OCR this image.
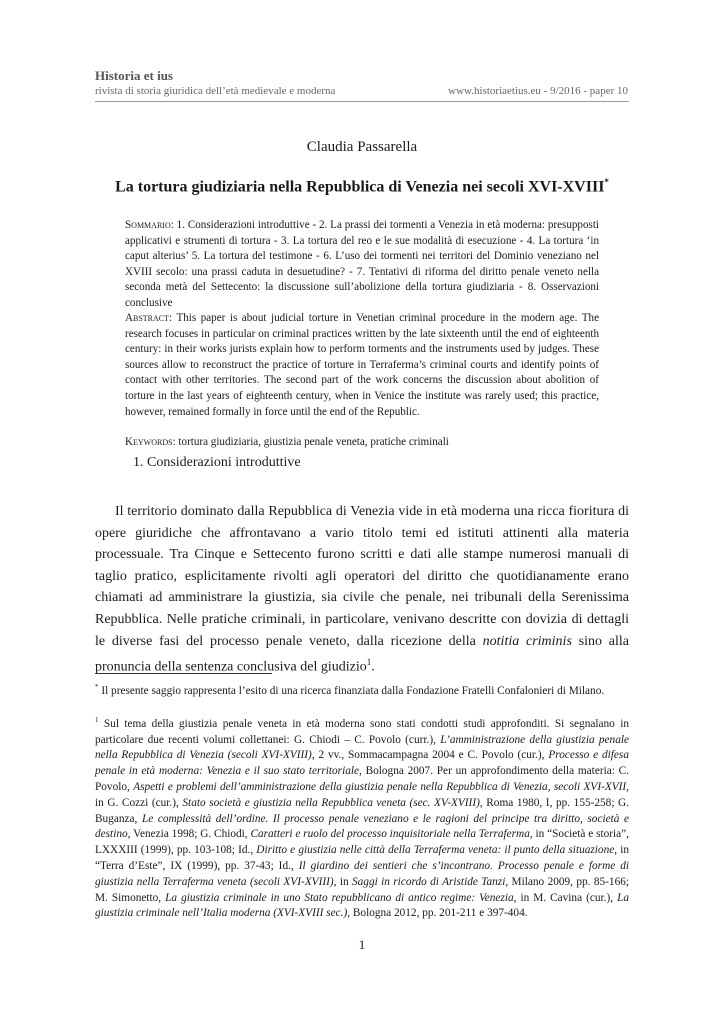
Historia et ius
rivista di storia giuridica dell’età medievale e moderna	www.historiaetius.eu - 9/2016 - paper 10
Claudia Passarella
La tortura giudiziaria nella Repubblica di Venezia nei secoli XVI-XVIII*
Sommario: 1. Considerazioni introduttive - 2. La prassi dei tormenti a Venezia in età moderna: presupposti applicativi e strumenti di tortura - 3. La tortura del reo e le sue modalità di esecuzione - 4. La tortura ‘in caput alterius’ 5. La tortura del testimone - 6. L’uso dei tormenti nei territori del Dominio veneziano nel XVIII secolo: una prassi caduta in desuetudine? - 7. Tentativi di riforma del diritto penale veneto nella seconda metà del Settecento: la discussione sull’abolizione della tortura giudiziaria - 8. Osservazioni conclusive
Abstract: This paper is about judicial torture in Venetian criminal procedure in the modern age. The research focuses in particular on criminal practices written by the late sixteenth until the end of eighteenth century: in their works jurists explain how to perform torments and the instruments used by judges. These sources allow to reconstruct the practice of torture in Terraferma’s criminal courts and identify points of contact with other territories. The second part of the work concerns the discussion about abolition of torture in the last years of eighteenth century, when in Venice the institute was rarely used; this practice, however, remained formally in force until the end of the Republic.
Keywords: tortura giudiziaria, giustizia penale veneta, pratiche criminali
1. Considerazioni introduttive
Il territorio dominato dalla Repubblica di Venezia vide in età moderna una ricca fioritura di opere giuridiche che affrontavano a vario titolo temi ed istituti attinenti alla materia processuale. Tra Cinque e Settecento furono scritti e dati alle stampe numerosi manuali di taglio pratico, esplicitamente rivolti agli operatori del diritto che quotidianamente erano chiamati ad amministrare la giustizia, sia civile che penale, nei tribunali della Serenissima Repubblica. Nelle pratiche criminali, in particolare, venivano descritte con dovizia di dettagli le diverse fasi del processo penale veneto, dalla ricezione della notitia criminis sino alla pronuncia della sentenza conclusiva del giudizio$^1$.
* Il presente saggio rappresenta l’esito di una ricerca finanziata dalla Fondazione Fratelli Confalonieri di Milano.
$^1$ Sul tema della giustizia penale veneta in età moderna sono stati condotti studi approfonditi. Si segnalano in particolare due recenti volumi collettanei: G. Chiodi – C. Povolo (curr.), L’amministrazione della giustizia penale nella Repubblica di Venezia (secoli XVI-XVIII), 2 vv., Sommacampagna 2004 e C. Povolo (cur.), Processo e difesa penale in età moderna: Venezia e il suo stato territoriale, Bologna 2007. Per un approfondimento della materia: C. Povolo, Aspetti e problemi dell’amministrazione della giustizia penale nella Repubblica di Venezia, secoli XVI-XVII, in G. Cozzi (cur.), Stato società e giustizia nella Repubblica veneta (sec. XV-XVIII), Roma 1980, I, pp. 155-258; G. Buganza, Le complessità dell’ordine. Il processo penale veneziano e le ragioni del principe tra diritto, società e destino, Venezia 1998; G. Chiodi, Caratteri e ruolo del processo inquisitoriale nella Terraferma, in “Società e storia”, LXXXIII (1999), pp. 103-108; Id., Diritto e giustizia nelle città della Terraferma veneta: il punto della situazione, in “Terra d’Este”, IX (1999), pp. 37-43; Id., Il giardino dei sentieri che s’incontrano. Processo penale e forme di giustizia nella Terraferma veneta (secoli XVI-XVIII), in Saggi in ricordo di Aristide Tanzi, Milano 2009, pp. 85-166; M. Simonetto, La giustizia criminale in uno Stato repubblicano di antico regime: Venezia, in M. Cavina (cur.), La giustizia criminale nell’Italia moderna (XVI-XVIII sec.), Bologna 2012, pp. 201-211 e 397-404.
1
